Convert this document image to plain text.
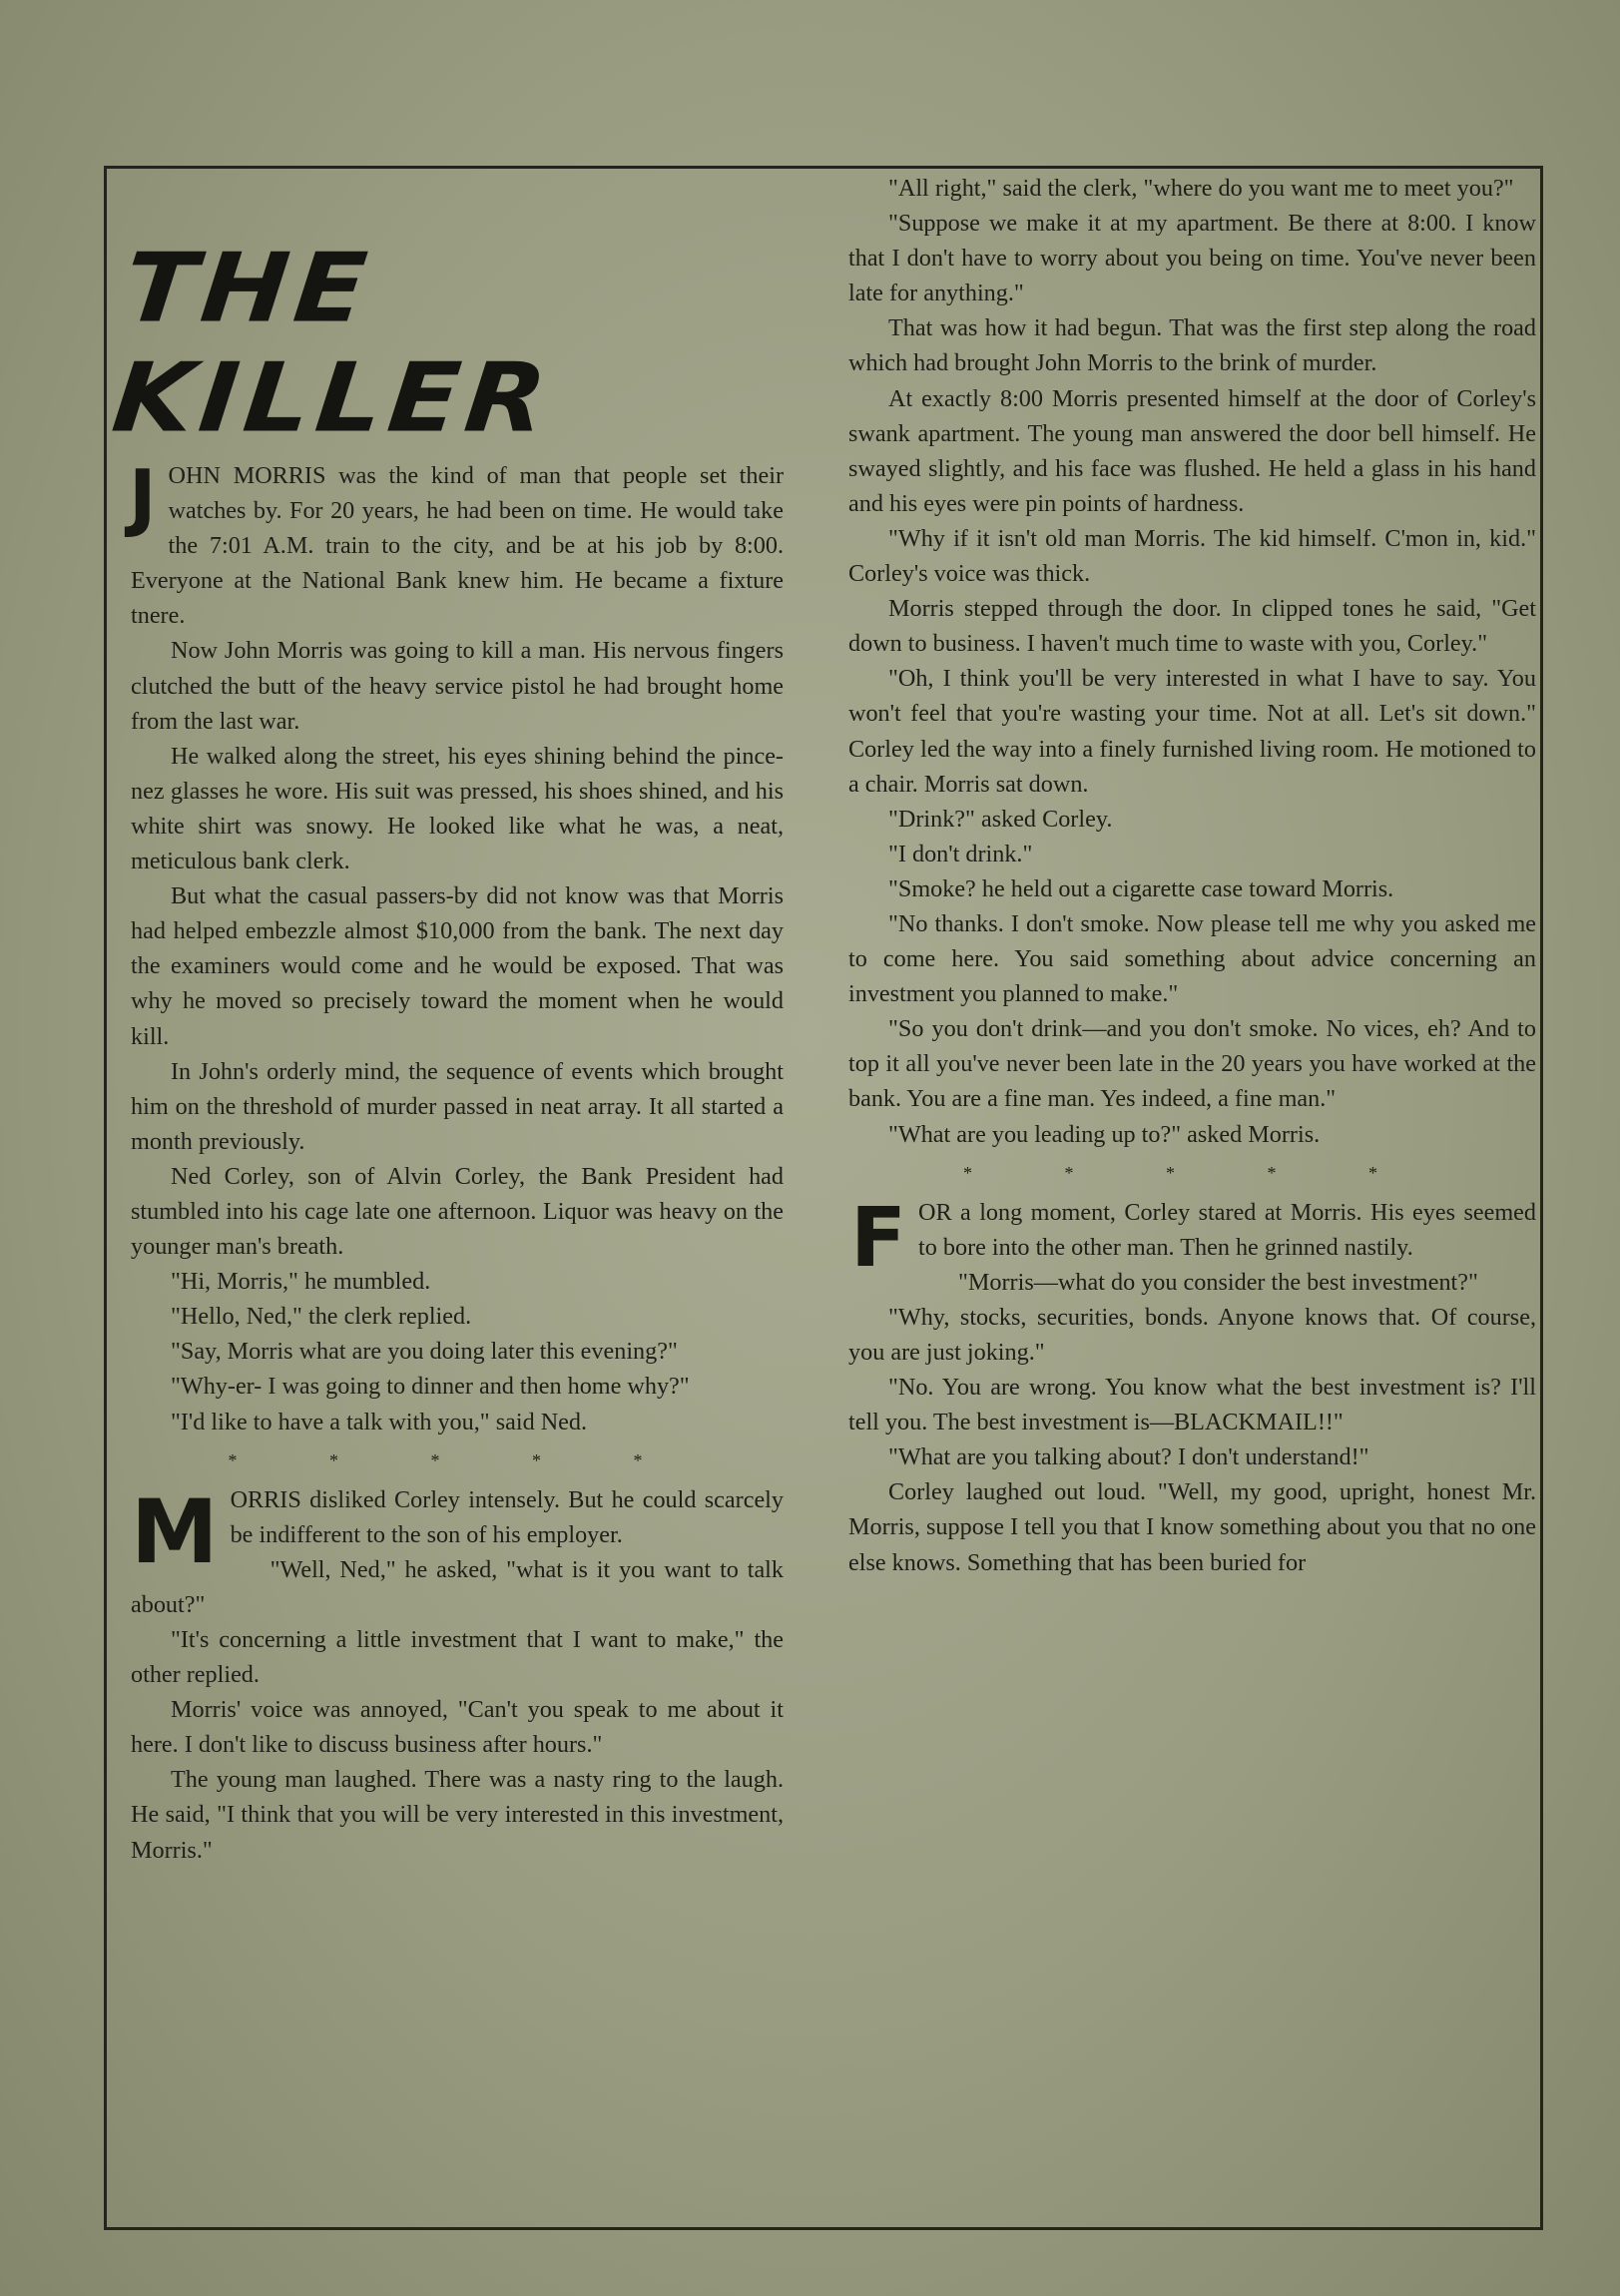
THE KILLER

JOHN MORRIS was the kind of man that people set their watches by. For 20 years, he had been on time. He would take the 7:01 A.M. train to the city, and be at his job by 8:00. Everyone at the National Bank knew him. He became a fixture tnere.

Now John Morris was going to kill a man. His nervous fingers clutched the butt of the heavy service pistol he had brought home from the last war.

He walked along the street, his eyes shining behind the pince-nez glasses he wore. His suit was pressed, his shoes shined, and his white shirt was snowy. He looked like what he was, a neat, meticulous bank clerk.

But what the casual passers-by did not know was that Morris had helped embezzle almost $10,000 from the bank. The next day the examiners would come and he would be exposed. That was why he moved so precisely toward the moment when he would kill.

In John's orderly mind, the sequence of events which brought him on the threshold of murder passed in neat array. It all started a month previously.

Ned Corley, son of Alvin Corley, the Bank President had stumbled into his cage late one afternoon. Liquor was heavy on the younger man's breath.

"Hi, Morris," he mumbled.

"Hello, Ned," the clerk replied.

"Say, Morris what are you doing later this evening?"

"Why-er- I was going to dinner and then home why?"

"I'd like to have a talk with you," said Ned.

* * * * *

MORRIS disliked Corley intensely. But he could scarcely be indifferent to the son of his employer.

"Well, Ned," he asked, "what is it you want to talk about?"

"It's concerning a little investment that I want to make," the other replied.

Morris' voice was annoyed, "Can't you speak to me about it here. I don't like to discuss business after hours."

The young man laughed. There was a nasty ring to the laugh. He said, "I think that you will be very interested in this investment, Morris."

"All right," said the clerk, "where do you want me to meet you?"

"Suppose we make it at my apartment. Be there at 8:00. I know that I don't have to worry about you being on time. You've never been late for anything."

That was how it had begun. That was the first step along the road which had brought John Morris to the brink of murder.

At exactly 8:00 Morris presented himself at the door of Corley's swank apartment. The young man answered the door bell himself. He swayed slightly, and his face was flushed. He held a glass in his hand and his eyes were pin points of hardness.

"Why if it isn't old man Morris. The kid himself. C'mon in, kid." Corley's voice was thick.

Morris stepped through the door. In clipped tones he said, "Get down to business. I haven't much time to waste with you, Corley."

"Oh, I think you'll be very interested in what I have to say. You won't feel that you're wasting your time. Not at all. Let's sit down." Corley led the way into a finely furnished living room. He motioned to a chair. Morris sat down.

"Drink?" asked Corley.

"I don't drink."

"Smoke? he held out a cigarette case toward Morris.

"No thanks. I don't smoke. Now please tell me why you asked me to come here. You said something about advice concerning an investment you planned to make."

"So you don't drink—and you don't smoke. No vices, eh? And to top it all you've never been late in the 20 years you have worked at the bank. You are a fine man. Yes indeed, a fine man."

"What are you leading up to?" asked Morris.

* * * * *

FOR a long moment, Corley stared at Morris. His eyes seemed to bore into the other man. Then he grinned nastily.

"Morris—what do you consider the best investment?"

"Why, stocks, securities, bonds. Anyone knows that. Of course, you are just joking."

"No. You are wrong. You know what the best investment is? I'll tell you. The best investment is—BLACKMAIL!!"

"What are you talking about? I don't understand!"

Corley laughed out loud. "Well, my good, upright, honest Mr. Morris, suppose I tell you that I know something about you that no one else knows. Something that has been buried for
